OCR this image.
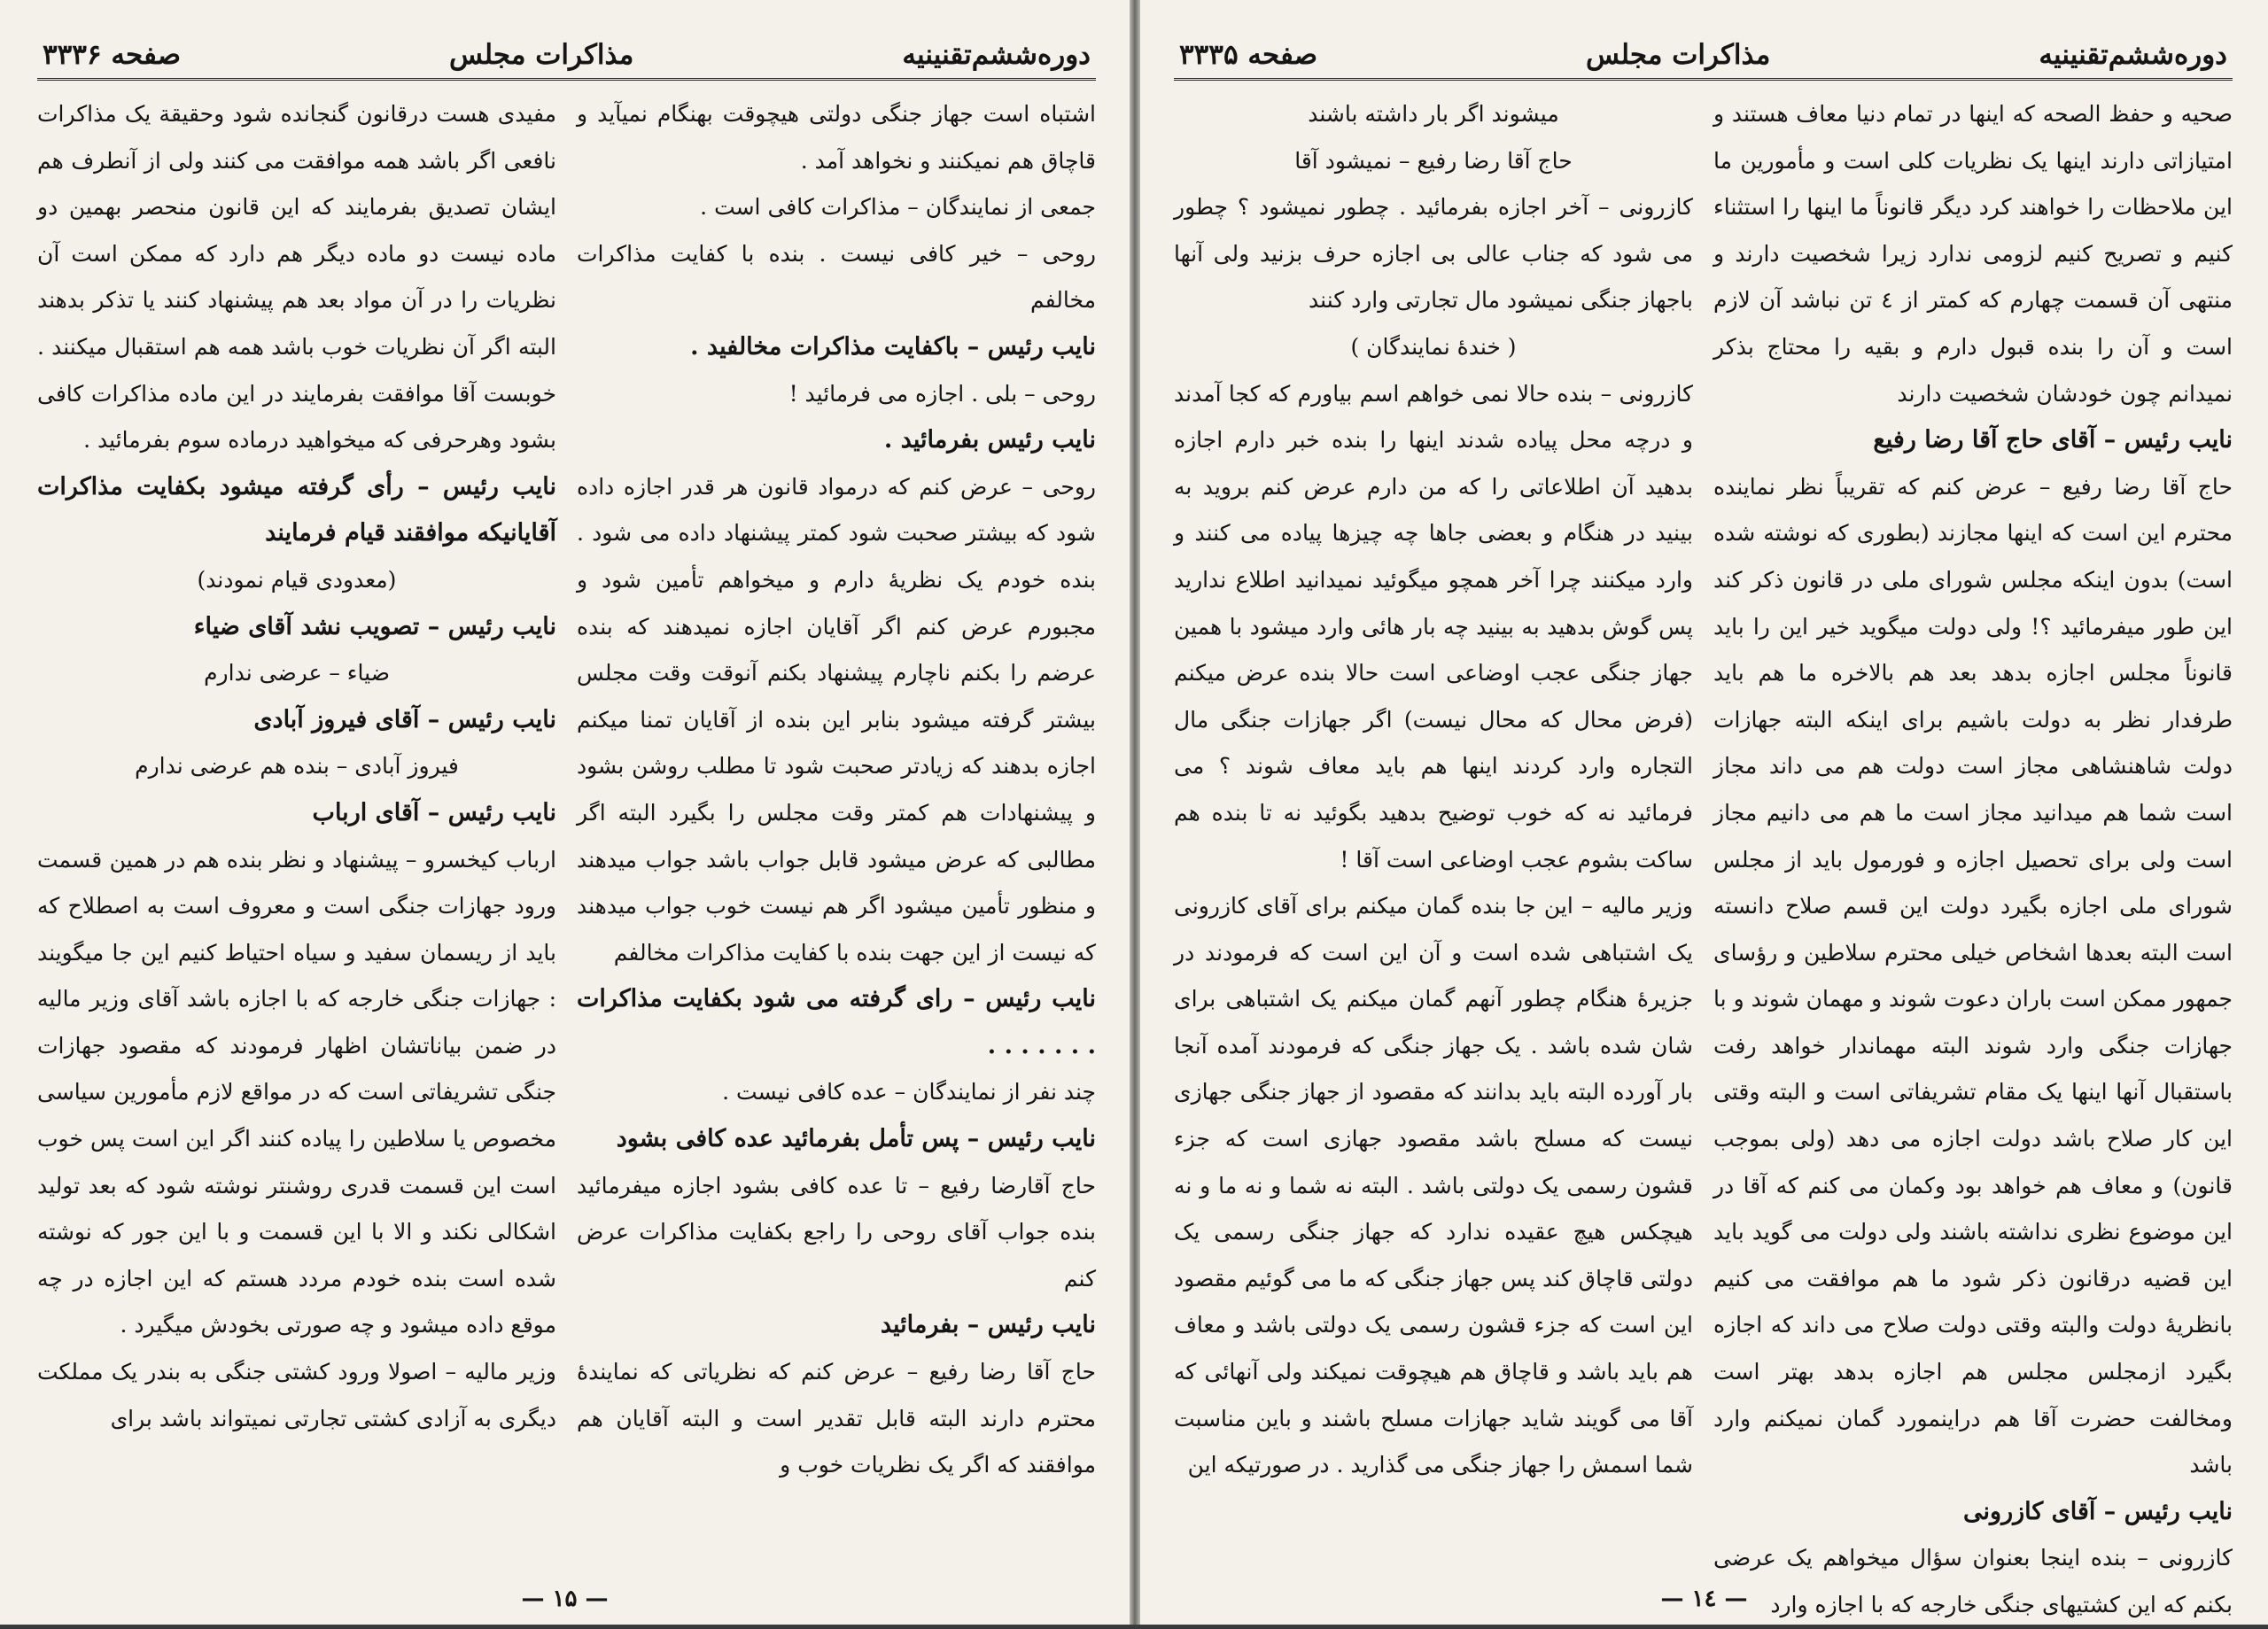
دوره‌ششم‌تقنینیه
مذاکرات مجلس
صفحه ۳۳۳۶

اشتباه است جهاز جنگی دولتی هیچوقت بهنگام نمیآید و قاچاق هم نمیکنند و نخواهد آمد .

جمعی از نمایندگان – مذاکرات کافی است .

روحی – خیر کافی نیست . بنده با کفایت مذاکرات مخالفم

نایب رئیس – باکفایت مذاکرات مخالفید .

روحی – بلی . اجازه می فرمائید !

نایب رئیس بفرمائید .

روحی – عرض کنم که درمواد قانون هر قدر اجازه داده شود که بیشتر صحبت شود کمتر پیشنهاد داده می شود . بنده خودم یک نظریهٔ دارم و میخواهم تأمین شود و مجبورم عرض کنم اگر آقایان اجازه نمیدهند که بنده عرضم را بکنم ناچارم پیشنهاد بکنم آنوقت وقت مجلس بیشتر گرفته میشود بنابر این بنده از آقایان تمنا میکنم اجازه بدهند که زیادتر صحبت شود تا مطلب روشن بشود و پیشنهادات هم کمتر وقت مجلس را بگیرد البته اگر مطالبی که عرض میشود قابل جواب باشد جواب میدهند و منظور تأمین میشود اگر هم نیست خوب جواب میدهند که نیست از این جهت بنده با کفایت مذاکرات مخالفم

نایب رئیس – رای گرفته می شود بکفایت مذاکرات . . . . . . .

چند نفر از نمایندگان – عده کافی نیست .

نایب رئیس – پس تأمل بفرمائید عده کافی بشود

حاج آقارضا رفیع – تا عده کافی بشود اجازه میفرمائید بنده جواب آقای روحی را راجع بکفایت مذاکرات عرض کنم

نایب رئیس – بفرمائید

حاج آقا رضا رفیع – عرض کنم که نظریاتی که نمایندهٔ محترم دارند البته قابل تقدیر است و البته آقایان هم موافقند که اگر یک نظریات خوب و

مفیدی هست درقانون گنجانده شود وحقیقة یک مذاکرات نافعی اگر باشد همه موافقت می کنند ولی از آنطرف هم ایشان تصدیق بفرمایند که این قانون منحصر بهمین دو ماده نیست دو ماده دیگر هم دارد که ممکن است آن نظریات را در آن مواد بعد هم پیشنهاد کنند یا تذکر بدهند البته اگر آن نظریات خوب باشد همه هم استقبال میکنند . خوبست آقا موافقت بفرمایند در این ماده مذاکرات کافی بشود وهرحرفی که میخواهید درماده سوم بفرمائید .

نایب رئیس – رأی گرفته میشود بکفایت مذاکرات آقایانیکه موافقند قیام فرمایند

(معدودی قیام نمودند)

نایب رئیس – تصویب نشد آقای ضیاء

ضیاء – عرضی ندارم

نایب رئیس – آقای فیروز آبادی

فیروز آبادی – بنده هم عرضی ندارم

نایب رئیس – آقای ارباب

ارباب کیخسرو – پیشنهاد و نظر بنده هم در همین قسمت ورود جهازات جنگی است و معروف است به اصطلاح که باید از ریسمان سفید و سیاه احتیاط کنیم این جا میگویند : جهازات جنگی خارجه که با اجازه باشد آقای وزیر مالیه در ضمن بیاناتشان اظهار فرمودند که مقصود جهازات جنگی تشریفاتی است که در مواقع لازم مأمورین سیاسی مخصوص یا سلاطین را پیاده کنند اگر این است پس خوب است این قسمت قدری روشنتر نوشته شود که بعد تولید اشکالی نکند و الا با این قسمت و با این جور که نوشته شده است بنده خودم مردد هستم که این اجازه در چه موقع داده میشود و چه صورتی بخودش میگیرد .

وزیر مالیه – اصولا ورود کشتی جنگی به بندر یک مملکت دیگری به آزادی کشتی تجارتی نمیتواند باشد برای

— ۱۵ —
دوره‌ششم‌تقنینیه
مذاکرات مجلس
صفحه ۳۳۳۵

صحیه و حفظ الصحه که اینها در تمام دنیا معاف هستند و امتیازاتی دارند اینها یک نظریات کلی است و مأمورین ما این ملاحظات را خواهند کرد دیگر قانوناً ما اینها را استثناء کنیم و تصریح کنیم لزومی ندارد زیرا شخصیت دارند و منتهی آن قسمت چهارم که کمتر از ٤ تن نباشد آن لازم است و آن را بنده قبول دارم و بقیه را محتاج بذکر نمیدانم چون خودشان شخصیت دارند

نایب رئیس – آقای حاج آقا رضا رفیع

حاج آقا رضا رفیع – عرض کنم که تقریباً نظر نماینده محترم این است که اینها مجازند (بطوری که نوشته شده است) بدون اینکه مجلس شورای ملی در قانون ذکر کند این طور میفرمائید ؟! ولی دولت میگوید خیر این را باید قانوناً مجلس اجازه بدهد بعد هم بالاخره ما هم باید طرفدار نظر به دولت باشیم برای اینکه البته جهازات دولت شاهنشاهی مجاز است دولت هم می داند مجاز است شما هم میدانید مجاز است ما هم می دانیم مجاز است ولی برای تحصیل اجازه و فورمول باید از مجلس شورای ملی اجازه بگیرد دولت این قسم صلاح دانسته است البته بعدها اشخاص خیلی محترم سلاطین و رؤسای جمهور ممکن است باران دعوت شوند و مهمان شوند و با جهازات جنگی وارد شوند البته مهماندار خواهد رفت باستقبال آنها اینها یک مقام تشریفاتی است و البته وقتی این کار صلاح باشد دولت اجازه می دهد (ولی بموجب قانون) و معاف هم خواهد بود وکمان می کنم که آقا در این موضوع نظری نداشته باشند ولی دولت می گوید باید این قضیه درقانون ذکر شود ما هم موافقت می کنیم بانظریهٔ دولت والبته وقتی دولت صلاح می داند که اجازه بگیرد ازمجلس مجلس هم اجازه بدهد بهتر است ومخالفت حضرت آقا هم دراینمورد گمان نمیکنم وارد باشد

نایب رئیس – آقای کازرونی

کازرونی – بنده اینجا بعنوان سؤال میخواهم یک عرضی بکنم که این کشتیهای جنگی خارجه که با اجازه وارد

میشوند اگر بار داشته باشند

حاج آقا رضا رفیع – نمیشود آقا

کازرونی – آخر اجازه بفرمائید . چطور نمیشود ؟ چطور می شود که جناب عالی بی اجازه حرف بزنید ولی آنها باجهاز جنگی نمیشود مال تجارتی وارد کنند

( خندهٔ نمایندگان )

کازرونی – بنده حالا نمی خواهم اسم بیاورم که کجا آمدند و درچه محل پیاده شدند اینها را بنده خبر دارم اجازه بدهید آن اطلاعاتی را که من دارم عرض کنم بروید به بینید در هنگام و بعضی جاها چه چیزها پیاده می کنند و وارد میکنند چرا آخر همچو میگوئید نمیدانید اطلاع ندارید پس گوش بدهید به بینید چه بار هائی وارد میشود با همین جهاز جنگی عجب اوضاعی است حالا بنده عرض میکنم (فرض محال که محال نیست) اگر جهازات جنگی مال التجاره وارد کردند اینها هم باید معاف شوند ؟ می فرمائید نه که خوب توضیح بدهید بگوئید نه تا بنده هم ساکت بشوم عجب اوضاعی است آقا !

وزیر مالیه – این جا بنده گمان میکنم برای آقای کازرونی یک اشتباهی شده است و آن این است که فرمودند در جزیرهٔ هنگام چطور آنهم گمان میکنم یک اشتباهی برای شان شده باشد . یک جهاز جنگی که فرمودند آمده آنجا بار آورده البته باید بدانند که مقصود از جهاز جنگی جهازی نیست که مسلح باشد مقصود جهازی است که جزء قشون رسمی یک دولتی باشد . البته نه شما و نه ما و نه هیچکس هیچ عقیده ندارد که جهاز جنگی رسمی یک دولتی قاچاق کند پس جهاز جنگی که ما می گوئیم مقصود این است که جزء قشون رسمی یک دولتی باشد و معاف هم باید باشد و قاچاق هم هیچوقت نمیکند ولی آنهائی که آقا می گویند شاید جهازات مسلح باشند و باین مناسبت شما اسمش را جهاز جنگی می گذارید . در صورتیکه این

— ۱٤ —
